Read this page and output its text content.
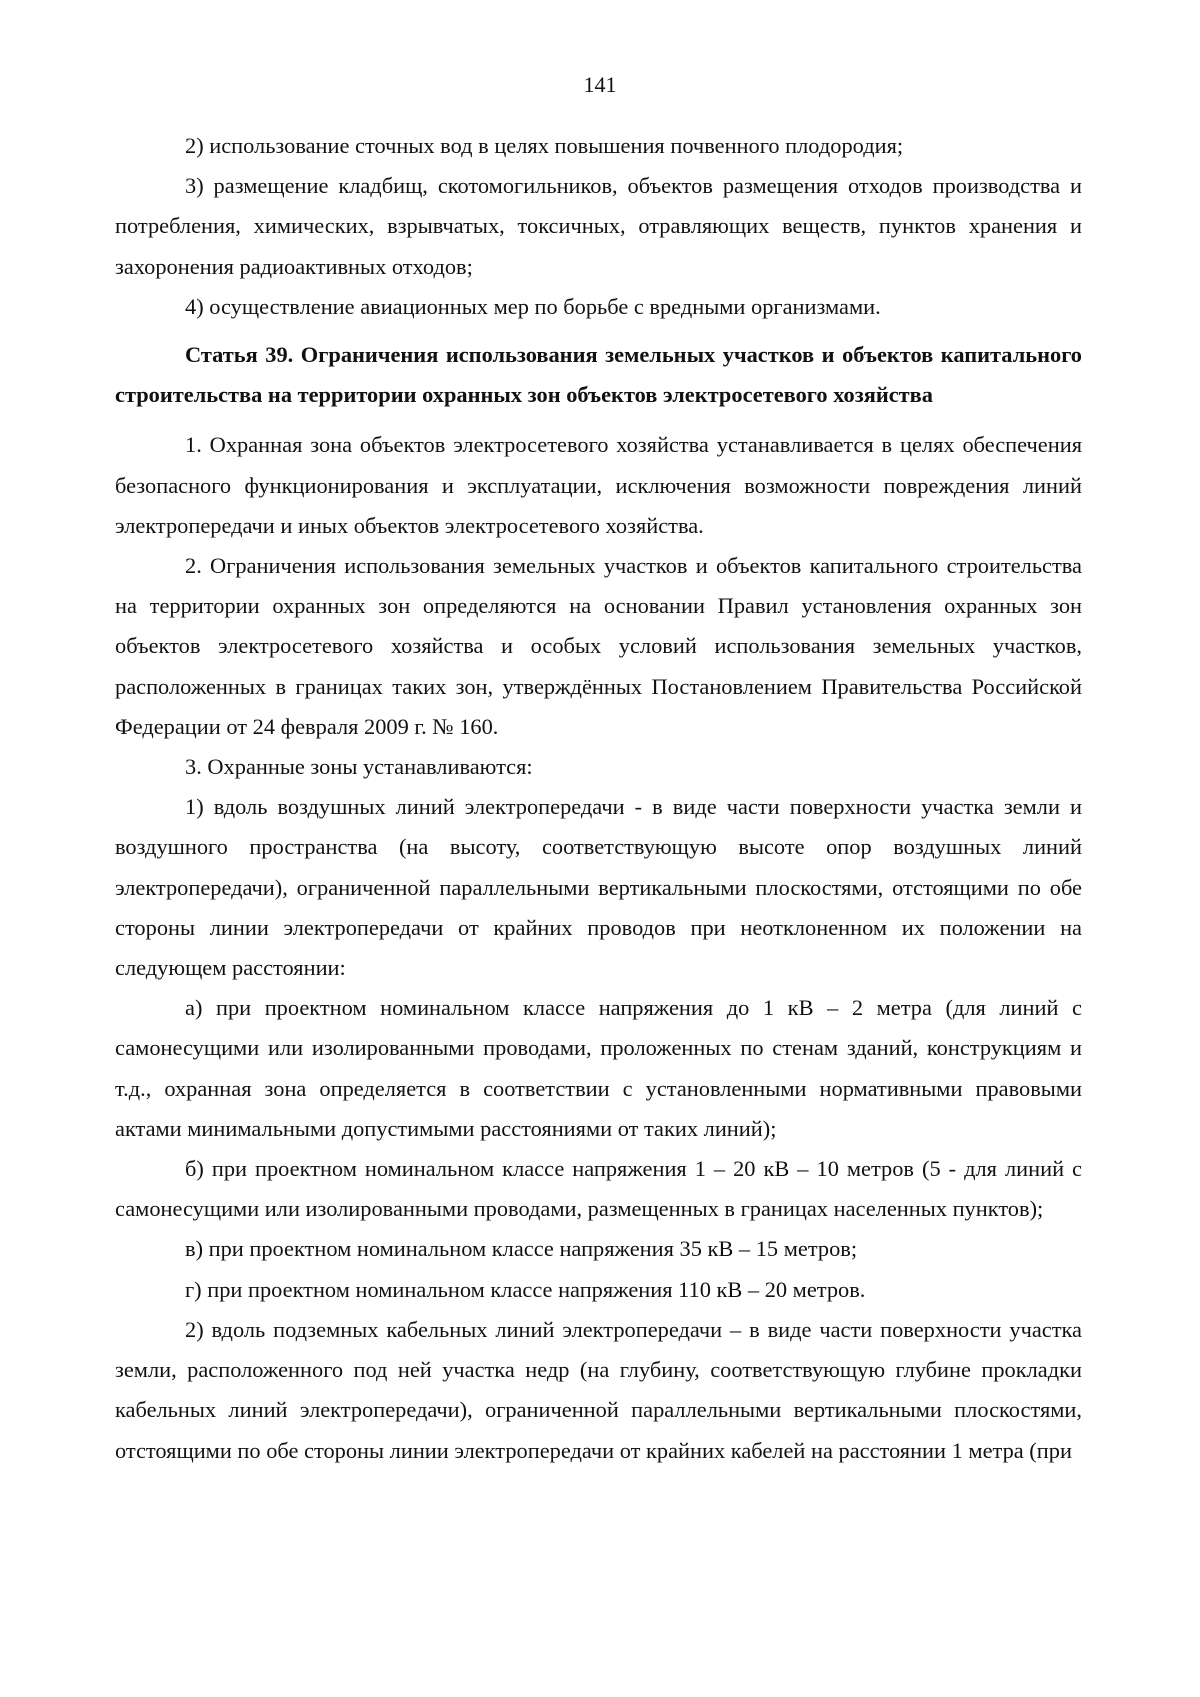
141

2) использование сточных вод в целях повышения почвенного плодородия;

3) размещение кладбищ, скотомогильников, объектов размещения отходов производства и потребления, химических, взрывчатых, токсичных, отравляющих веществ, пунктов хранения и захоронения радиоактивных отходов;

4) осуществление авиационных мер по борьбе с вредными организмами.

Статья 39. Ограничения использования земельных участков и объектов капитального строительства на территории охранных зон объектов электросетевого хозяйства

1. Охранная зона объектов электросетевого хозяйства устанавливается в целях обеспечения безопасного функционирования и эксплуатации, исключения возможности повреждения линий электропередачи и иных объектов электросетевого хозяйства.

2. Ограничения использования земельных участков и объектов капитального строительства на территории охранных зон определяются на основании Правил установления охранных зон объектов электросетевого хозяйства и особых условий использования земельных участков, расположенных в границах таких зон, утверждённых Постановлением Правительства Российской Федерации от 24 февраля 2009 г. № 160.

3. Охранные зоны устанавливаются:

1) вдоль воздушных линий электропередачи - в виде части поверхности участка земли и воздушного пространства (на высоту, соответствующую высоте опор воздушных линий электропередачи), ограниченной параллельными вертикальными плоскостями, отстоящими по обе стороны линии электропередачи от крайних проводов при неотклоненном их положении на следующем расстоянии:

а) при проектном номинальном классе напряжения до 1 кВ – 2 метра (для линий с самонесущими или изолированными проводами, проложенных по стенам зданий, конструкциям и т.д., охранная зона определяется в соответствии с установленными нормативными правовыми актами минимальными допустимыми расстояниями от таких линий);

б) при проектном номинальном классе напряжения 1 – 20 кВ – 10 метров (5 - для линий с самонесущими или изолированными проводами, размещенных в границах населенных пунктов);

в) при проектном номинальном классе напряжения 35 кВ – 15 метров;

г) при проектном номинальном классе напряжения 110 кВ – 20 метров.

2) вдоль подземных кабельных линий электропередачи – в виде части поверхности участка земли, расположенного под ней участка недр (на глубину, соответствующую глубине прокладки кабельных линий электропередачи), ограниченной параллельными вертикальными плоскостями, отстоящими по обе стороны линии электропередачи от крайних кабелей на расстоянии 1 метра (при
